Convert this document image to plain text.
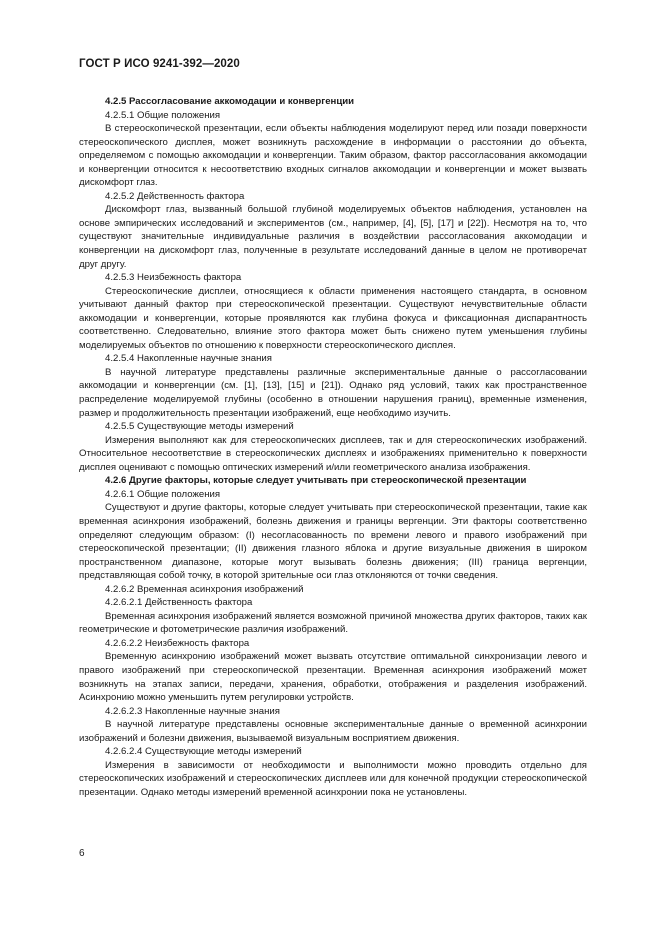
ГОСТ Р ИСО 9241-392—2020

4.2.5 Рассогласование аккомодации и конвергенции

4.2.5.1 Общие положения

В стереоскопической презентации, если объекты наблюдения моделируют перед или позади поверхности стереоскопического дисплея, может возникнуть расхождение в информации о расстоянии до объекта, определяемом с помощью аккомодации и конвергенции. Таким образом, фактор рассогласования аккомодации и конвергенции относится к несоответствию входных сигналов аккомодации и конвергенции и может вызвать дискомфорт глаз.

4.2.5.2 Действенность фактора

Дискомфорт глаз, вызванный большой глубиной моделируемых объектов наблюдения, установлен на основе эмпирических исследований и экспериментов (см., например, [4], [5], [17] и [22]). Несмотря на то, что существуют значительные индивидуальные различия в воздействии рассогласования аккомодации и конвергенции на дискомфорт глаз, полученные в результате исследований данные в целом не противоречат друг другу.

4.2.5.3 Неизбежность фактора

Стереоскопические дисплеи, относящиеся к области применения настоящего стандарта, в основном учитывают данный фактор при стереоскопической презентации. Существуют нечувствительные области аккомодации и конвергенции, которые проявляются как глубина фокуса и фиксационная диспарантность соответственно. Следовательно, влияние этого фактора может быть снижено путем уменьшения глубины моделируемых объектов по отношению к поверхности стереоскопического дисплея.

4.2.5.4 Накопленные научные знания

В научной литературе представлены различные экспериментальные данные о рассогласовании аккомодации и конвергенции (см. [1], [13], [15] и [21]). Однако ряд условий, таких как пространственное распределение моделируемой глубины (особенно в отношении нарушения границ), временные изменения, размер и продолжительность презентации изображений, еще необходимо изучить.

4.2.5.5 Существующие методы измерений

Измерения выполняют как для стереоскопических дисплеев, так и для стереоскопических изображений. Относительное несоответствие в стереоскопических дисплеях и изображениях применительно к поверхности дисплея оценивают с помощью оптических измерений и/или геометрического анализа изображения.

4.2.6 Другие факторы, которые следует учитывать при стереоскопической презентации

4.2.6.1 Общие положения

Существуют и другие факторы, которые следует учитывать при стереоскопической презентации, такие как временная асинхрония изображений, болезнь движения и границы вергенции. Эти факторы соответственно определяют следующим образом: (I) несогласованность по времени левого и правого изображений при стереоскопической презентации; (II) движения глазного яблока и другие визуальные движения в широком пространственном диапазоне, которые могут вызывать болезнь движения; (III) граница вергенции, представляющая собой точку, в которой зрительные оси глаз отклоняются от точки сведения.

4.2.6.2 Временная асинхрония изображений

4.2.6.2.1 Действенность фактора

Временная асинхрония изображений является возможной причиной множества других факторов, таких как геометрические и фотометрические различия изображений.

4.2.6.2.2 Неизбежность фактора

Временную асинхронию изображений может вызвать отсутствие оптимальной синхронизации левого и правого изображений при стереоскопической презентации. Временная асинхрония изображений может возникнуть на этапах записи, передачи, хранения, обработки, отображения и разделения изображений. Асинхронию можно уменьшить путем регулировки устройств.

4.2.6.2.3 Накопленные научные знания

В научной литературе представлены основные экспериментальные данные о временной асинхронии изображений и болезни движения, вызываемой визуальным восприятием движения.

4.2.6.2.4 Существующие методы измерений

Измерения в зависимости от необходимости и выполнимости можно проводить отдельно для стереоскопических изображений и стереоскопических дисплеев или для конечной продукции стереоскопической презентации. Однако методы измерений временной асинхронии пока не установлены.

6
